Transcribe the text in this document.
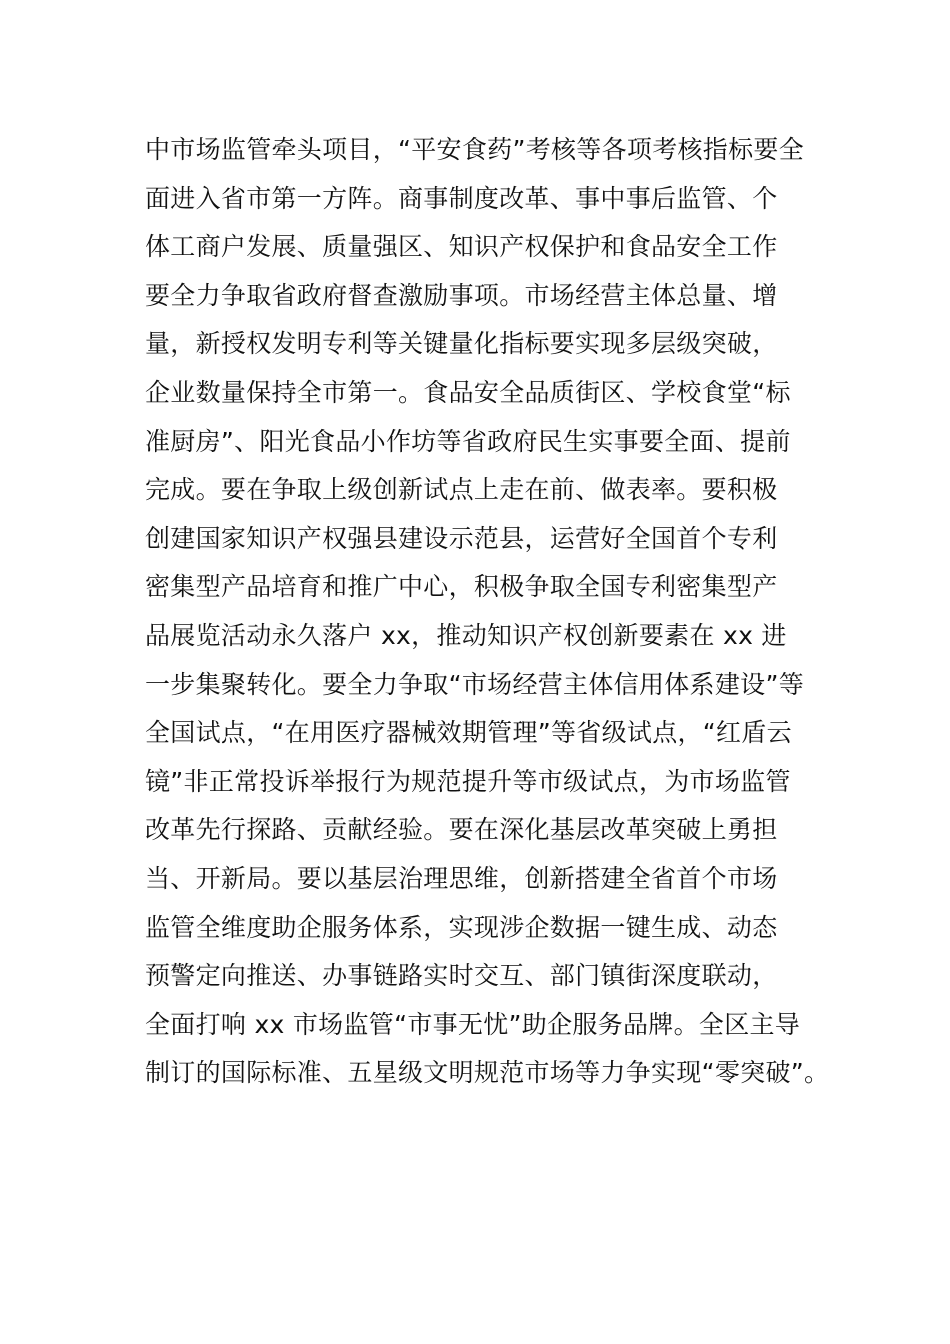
中市场监管牵头项目，“平安食药”考核等各项考核指标要全
面进入省市第一方阵。商事制度改革、事中事后监管、个
体工商户发展、质量强区、知识产权保护和食品安全工作
要全力争取省政府督查激励事项。市场经营主体总量、增
量，新授权发明专利等关键量化指标要实现多层级突破，
企业数量保持全市第一。食品安全品质街区、学校食堂“标
准厨房”、阳光食品小作坊等省政府民生实事要全面、提前
完成。要在争取上级创新试点上走在前、做表率。要积极
创建国家知识产权强县建设示范县，运营好全国首个专利
密集型产品培育和推广中心，积极争取全国专利密集型产
品展览活动永久落户 xx，推动知识产权创新要素在 xx 进
一步集聚转化。要全力争取“市场经营主体信用体系建设”等
全国试点，“在用医疗器械效期管理”等省级试点，“红盾云
镜”非正常投诉举报行为规范提升等市级试点，为市场监管
改革先行探路、贡献经验。要在深化基层改革突破上勇担
当、开新局。要以基层治理思维，创新搭建全省首个市场
监管全维度助企服务体系，实现涉企数据一键生成、动态
预警定向推送、办事链路实时交互、部门镇街深度联动，
全面打响 xx 市场监管“市事无忧”助企服务品牌。全区主导
制订的国际标准、五星级文明规范市场等力争实现“零突破”。
